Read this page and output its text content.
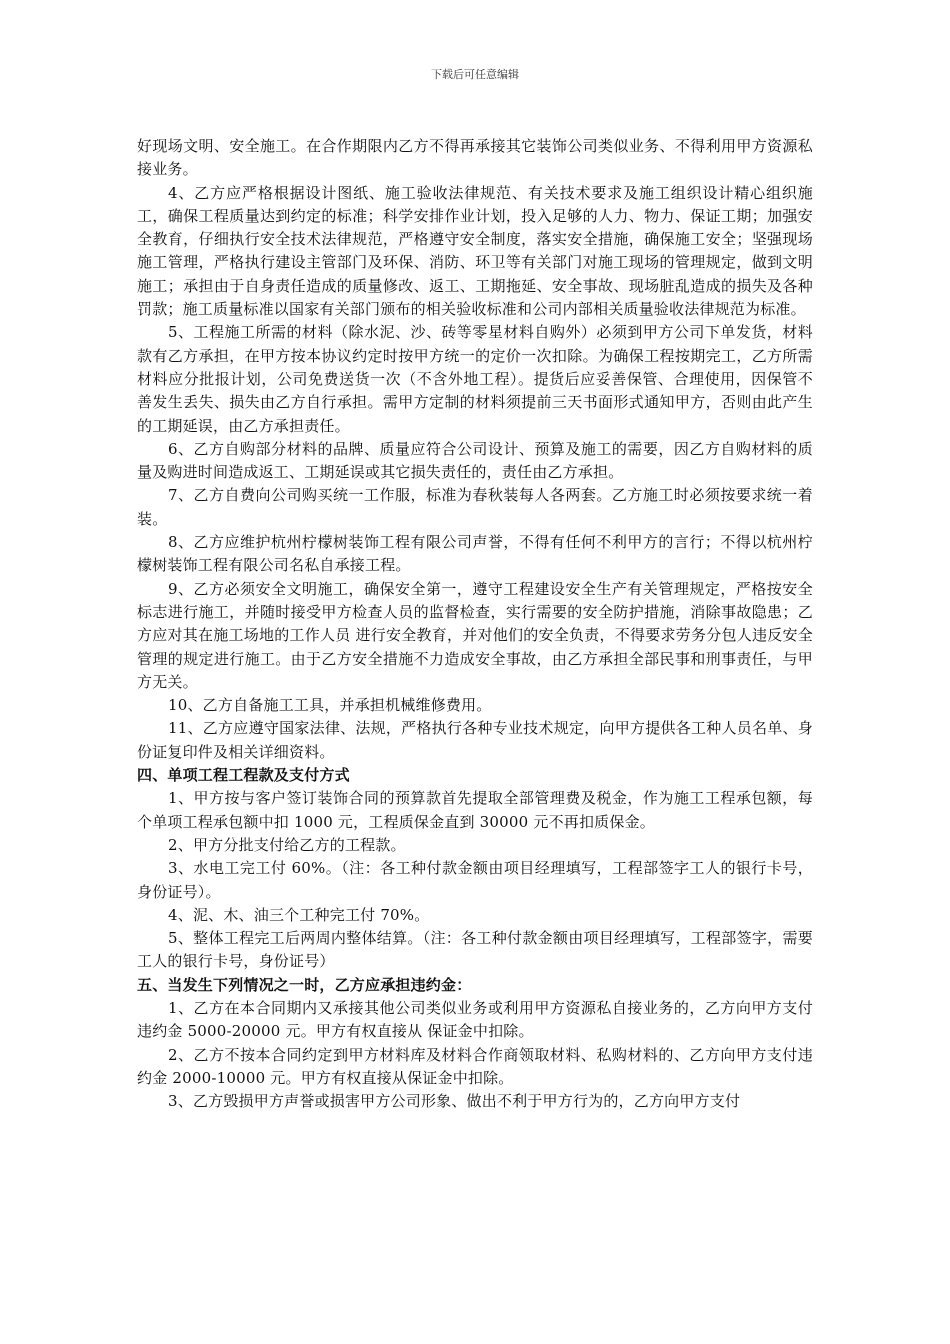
下载后可任意编辑

好现场文明、安全施工。在合作期限内乙方不得再承接其它装饰公司类似业务、不得利用甲方资源私接业务。

4、乙方应严格根据设计图纸、施工验收法律规范、有关技术要求及施工组织设计精心组织施工，确保工程质量达到约定的标准；科学安排作业计划，投入足够的人力、物力、保证工期；加强安全教育，仔细执行安全技术法律规范，严格遵守安全制度，落实安全措施，确保施工安全；坚强现场施工管理，严格执行建设主管部门及环保、消防、环卫等有关部门对施工现场的管理规定，做到文明施工；承担由于自身责任造成的质量修改、返工、工期拖延、安全事故、现场脏乱造成的损失及各种罚款；施工质量标准以国家有关部门颁布的相关验收标准和公司内部相关质量验收法律规范为标准。

5、工程施工所需的材料（除水泥、沙、砖等零星材料自购外）必须到甲方公司下单发货，材料款有乙方承担，在甲方按本协议约定时按甲方统一的定价一次扣除。为确保工程按期完工，乙方所需材料应分批报计划，公司免费送货一次（不含外地工程）。提货后应妥善保管、合理使用，因保管不善发生丢失、损失由乙方自行承担。需甲方定制的材料须提前三天书面形式通知甲方，否则由此产生的工期延误，由乙方承担责任。

6、乙方自购部分材料的品牌、质量应符合公司设计、预算及施工的需要，因乙方自购材料的质量及购进时间造成返工、工期延误或其它损失责任的，责任由乙方承担。

7、乙方自费向公司购买统一工作服，标准为春秋装每人各两套。乙方施工时必须按要求统一着装。

8、乙方应维护杭州柠檬树装饰工程有限公司声誉，不得有任何不利甲方的言行；不得以杭州柠檬树装饰工程有限公司名私自承接工程。

9、乙方必须安全文明施工，确保安全第一，遵守工程建设安全生产有关管理规定，严格按安全标志进行施工，并随时接受甲方检查人员的监督检查，实行需要的安全防护措施，消除事故隐患；乙方应对其在施工场地的工作人员 进行安全教育，并对他们的安全负责，不得要求劳务分包人违反安全管理的规定进行施工。由于乙方安全措施不力造成安全事故，由乙方承担全部民事和刑事责任，与甲方无关。

10、乙方自备施工工具，并承担机械维修费用。

11、乙方应遵守国家法律、法规，严格执行各种专业技术规定，向甲方提供各工种人员名单、身份证复印件及相关详细资料。

四、单项工程工程款及支付方式

1、甲方按与客户签订装饰合同的预算款首先提取全部管理费及税金，作为施工工程承包额，每个单项工程承包额中扣 1000 元，工程质保金直到 30000 元不再扣质保金。

2、甲方分批支付给乙方的工程款。

3、水电工完工付 60%。（注：各工种付款金额由项目经理填写，工程部签字工人的银行卡号，身份证号）。

4、泥、木、油三个工种完工付 70%。

5、整体工程完工后两周内整体结算。（注：各工种付款金额由项目经理填写，工程部签字，需要工人的银行卡号，身份证号）

五、当发生下列情况之一时，乙方应承担违约金：

1、乙方在本合同期内又承接其他公司类似业务或利用甲方资源私自接业务的，乙方向甲方支付违约金 5000-20000 元。甲方有权直接从 保证金中扣除。

2、乙方不按本合同约定到甲方材料库及材料合作商领取材料、私购材料的、乙方向甲方支付违约金 2000-10000 元。甲方有权直接从保证金中扣除。

3、乙方毁损甲方声誉或损害甲方公司形象、做出不利于甲方行为的，乙方向甲方支付
